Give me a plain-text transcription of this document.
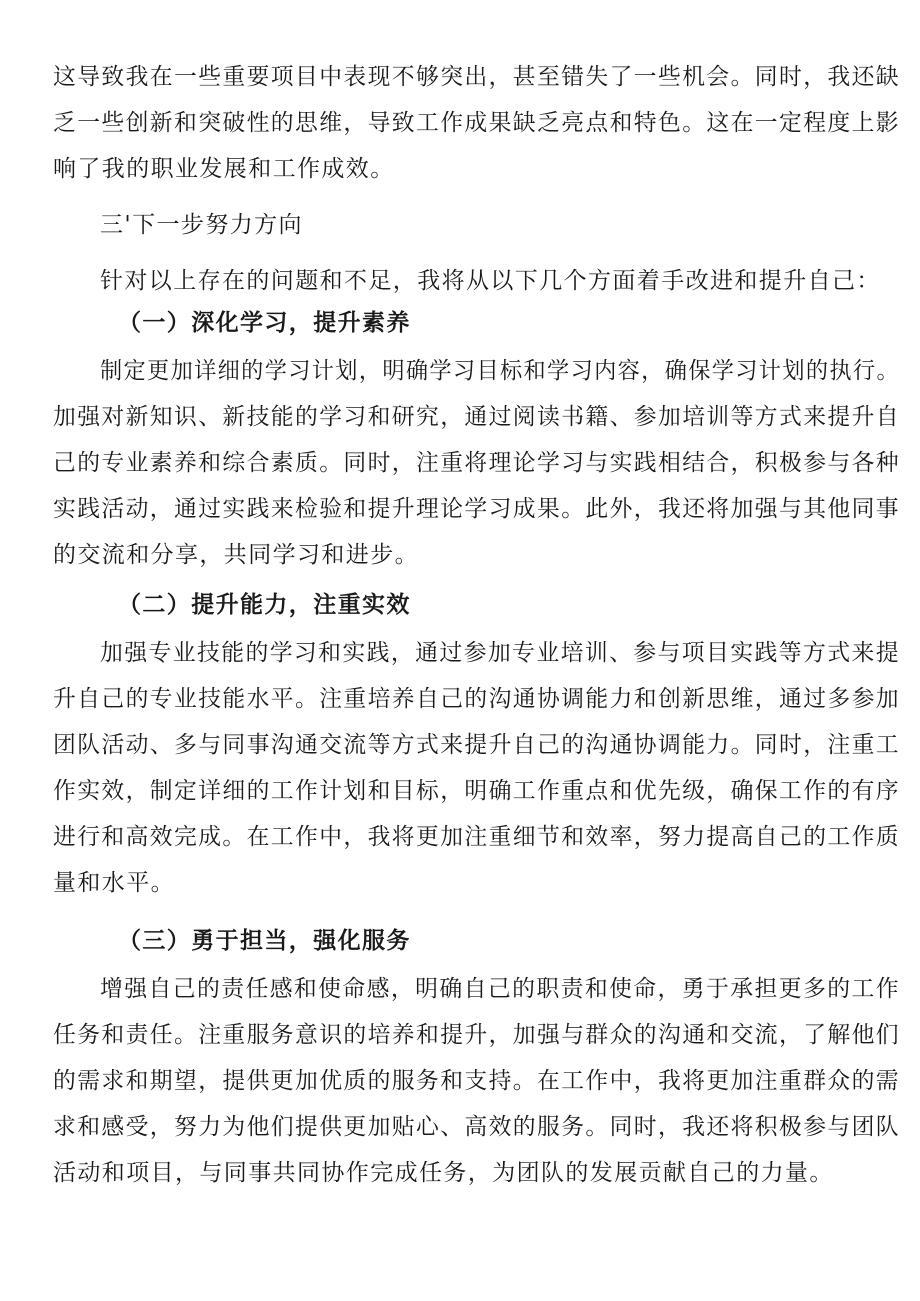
这导致我在一些重要项目中表现不够突出，甚至错失了一些机会。同时，我还缺
乏一些创新和突破性的思维，导致工作成果缺乏亮点和特色。这在一定程度上影
响了我的职业发展和工作成效。
三'下一步努力方向
针对以上存在的问题和不足，我将从以下几个方面着手改进和提升自己：
（一）深化学习，提升素养
制定更加详细的学习计划，明确学习目标和学习内容，确保学习计划的执行。
加强对新知识、新技能的学习和研究，通过阅读书籍、参加培训等方式来提升自
己的专业素养和综合素质。同时，注重将理论学习与实践相结合，积极参与各种
实践活动，通过实践来检验和提升理论学习成果。此外，我还将加强与其他同事
的交流和分享，共同学习和进步。
（二）提升能力，注重实效
加强专业技能的学习和实践，通过参加专业培训、参与项目实践等方式来提
升自己的专业技能水平。注重培养自己的沟通协调能力和创新思维，通过多参加
团队活动、多与同事沟通交流等方式来提升自己的沟通协调能力。同时，注重工
作实效，制定详细的工作计划和目标，明确工作重点和优先级，确保工作的有序
进行和高效完成。在工作中，我将更加注重细节和效率，努力提高自己的工作质
量和水平。
（三）勇于担当，强化服务
增强自己的责任感和使命感，明确自己的职责和使命，勇于承担更多的工作
任务和责任。注重服务意识的培养和提升，加强与群众的沟通和交流，了解他们
的需求和期望，提供更加优质的服务和支持。在工作中，我将更加注重群众的需
求和感受，努力为他们提供更加贴心、高效的服务。同时，我还将积极参与团队
活动和项目，与同事共同协作完成任务，为团队的发展贡献自己的力量。
